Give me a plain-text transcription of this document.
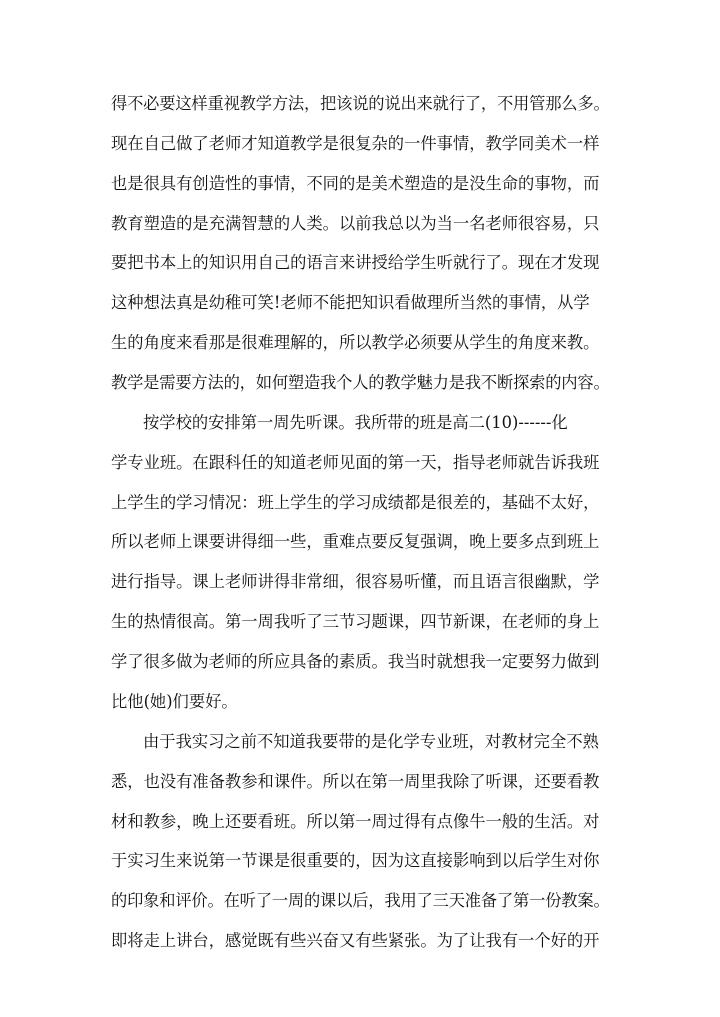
得不必要这样重视教学方法，把该说的说出来就行了，不用管那么多。
现在自己做了老师才知道教学是很复杂的一件事情，教学同美术一样
也是很具有创造性的事情，不同的是美术塑造的是没生命的事物，而
教育塑造的是充满智慧的人类。以前我总以为当一名老师很容易，只
要把书本上的知识用自己的语言来讲授给学生听就行了。现在才发现
这种想法真是幼稚可笑!老师不能把知识看做理所当然的事情，从学
生的角度来看那是很难理解的，所以教学必须要从学生的角度来教。
教学是需要方法的，如何塑造我个人的教学魅力是我不断探索的内容。
按学校的安排第一周先听课。我所带的班是高二(10)------化
学专业班。在跟科任的知道老师见面的第一天，指导老师就告诉我班
上学生的学习情况：班上学生的学习成绩都是很差的，基础不太好，
所以老师上课要讲得细一些，重难点要反复强调，晚上要多点到班上
进行指导。课上老师讲得非常细，很容易听懂，而且语言很幽默，学
生的热情很高。第一周我听了三节习题课，四节新课，在老师的身上
学了很多做为老师的所应具备的素质。我当时就想我一定要努力做到
比他(她)们要好。
由于我实习之前不知道我要带的是化学专业班，对教材完全不熟
悉，也没有准备教参和课件。所以在第一周里我除了听课，还要看教
材和教参，晚上还要看班。所以第一周过得有点像牛一般的生活。对
于实习生来说第一节课是很重要的，因为这直接影响到以后学生对你
的印象和评价。在听了一周的课以后，我用了三天准备了第一份教案。
即将走上讲台，感觉既有些兴奋又有些紧张。为了让我有一个好的开
